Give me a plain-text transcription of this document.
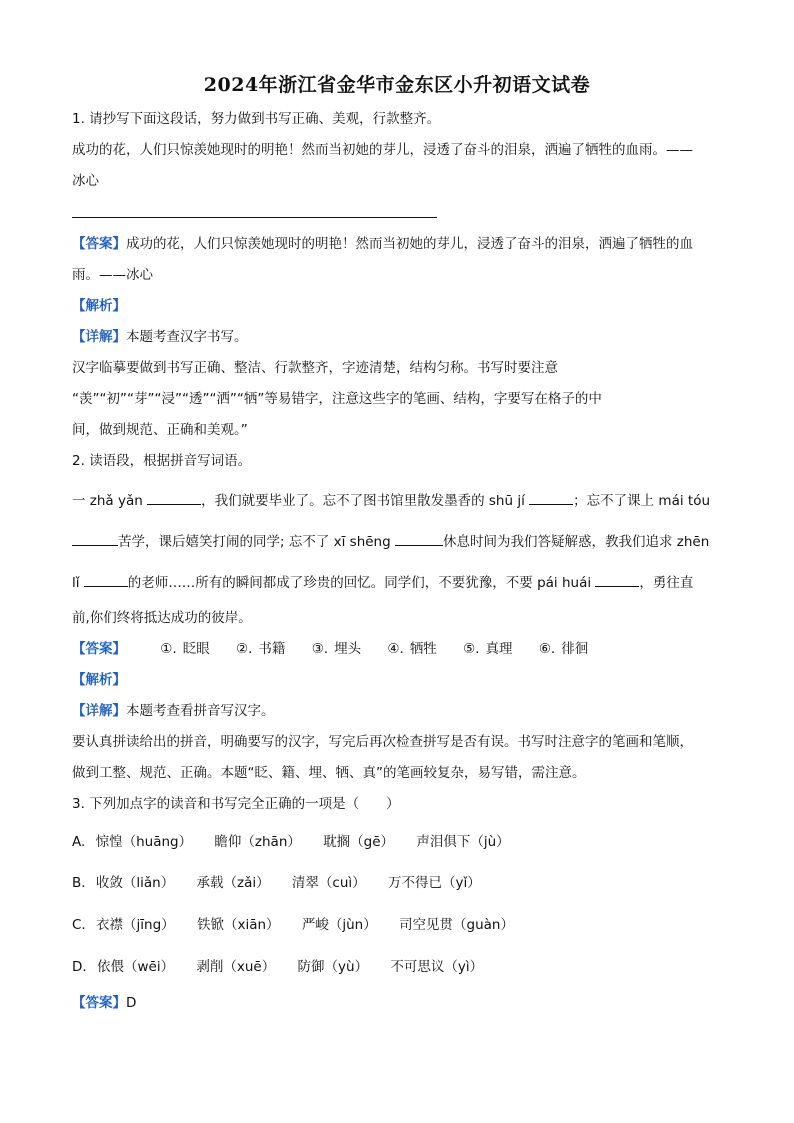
2024年浙江省金华市金东区小升初语文试卷
1. 请抄写下面这段话，努力做到书写正确、美观，行款整齐。
成功的花，人们只惊羡她现时的明艳！然而当初她的芽儿，浸透了奋斗的泪泉，洒遍了牺牲的血雨。——
冰心
【答案】成功的花，人们只惊羡她现时的明艳！然而当初她的芽儿，浸透了奋斗的泪泉，洒遍了牺牲的血
雨。——冰心
【解析】
【详解】本题考查汉字书写。
汉字临摹要做到书写正确、整洁、行款整齐，字迹清楚，结构匀称。书写时要注意
“羡”“初”“芽”“浸”“透”“洒”“牺”等易错字，注意这些字的笔画、结构，字要写在格子的中
间，做到规范、正确和美观。”
2. 读语段，根据拼音写词语。
一 zhǎ yǎn	，我们就要毕业了。忘不了图书馆里散发墨香的 shū jí	；忘不了课上 mái tóu
苦学，课后嬉笑打闹的同学; 忘不了 xī shēng	休息时间为我们答疑解惑，教我们追求 zhēn
lǐ	的老师……所有的瞬间都成了珍贵的回忆。同学们，不要犹豫，不要 pái huái	，勇往直
前,你们终将抵达成功的彼岸。
【答案】	①. 眨眼 ②. 书籍 ③. 埋头 ④. 牺牲 ⑤. 真理 ⑥. 徘徊
【解析】
【详解】本题考查看拼音写汉字。
要认真拼读给出的拼音，明确要写的汉字，写完后再次检查拼写是否有误。书写时注意字的笔画和笔顺，
做到工整、规范、正确。本题“眨、籍、埋、牺、真”的笔画较复杂，易写错，需注意。
3. 下列加点字的读音和书写完全正确的一项是（　　）
A. 惊惶（huāng） 瞻仰（zhān） 耽搁（gē） 声泪俱下（jù）
B. 收敛（liǎn） 承载（zǎi） 清翠（cuì） 万不得已（yǐ）
C. 衣襟（jīng） 铁锨（xiān） 严峻（jùn） 司空见贯（guàn）
D. 依偎（wēi） 剥削（xuē） 防御（yù） 不可思议（yì）
【答案】D
